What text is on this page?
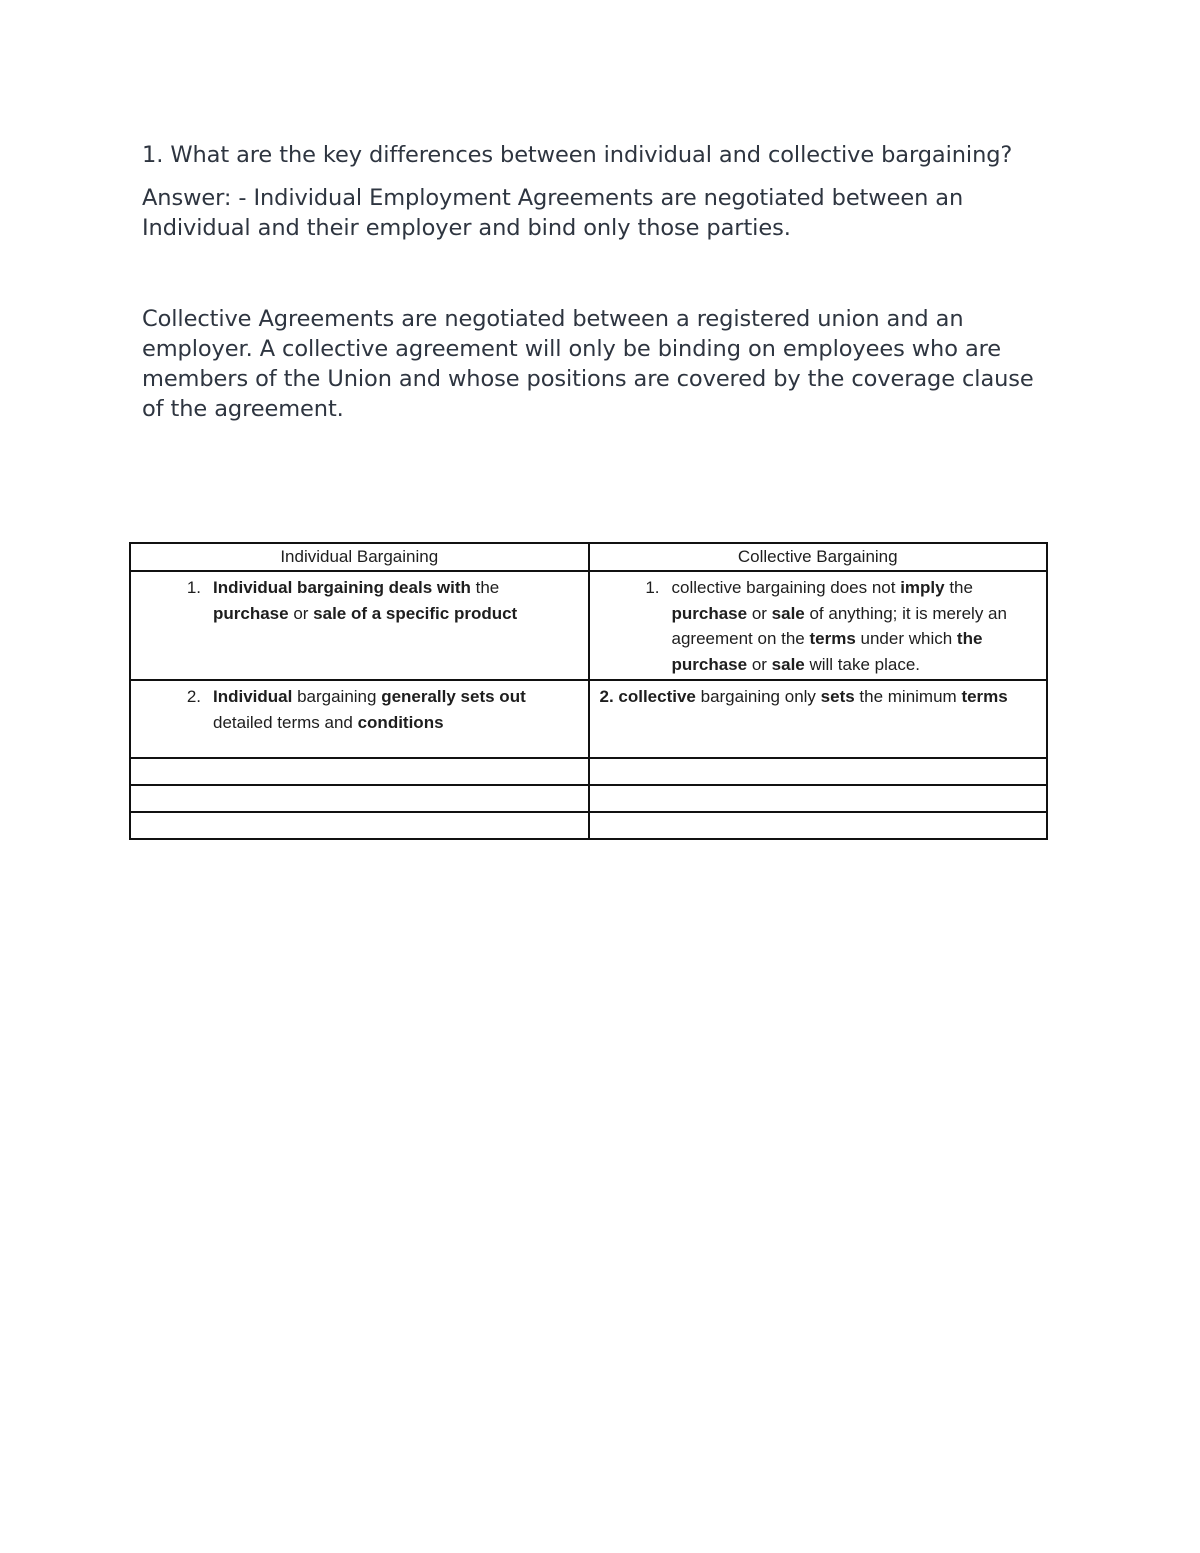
1. What are the key differences between individual and collective bargaining?

Answer: - Individual Employment Agreements are negotiated between an Individual and their employer and bind only those parties.

Collective Agreements are negotiated between a registered union and an employer. A collective agreement will only be binding on employees who are members of the Union and whose positions are covered by the coverage clause of the agreement.

Individual Bargaining	Collective Bargaining

1. Individual bargaining deals with the purchase or sale of a specific product	1. collective bargaining does not imply the purchase or sale of anything; it is merely an agreement on the terms under which the purchase or sale will take place.

2. Individual bargaining generally sets out detailed terms and conditions	2. collective bargaining only sets the minimum terms
